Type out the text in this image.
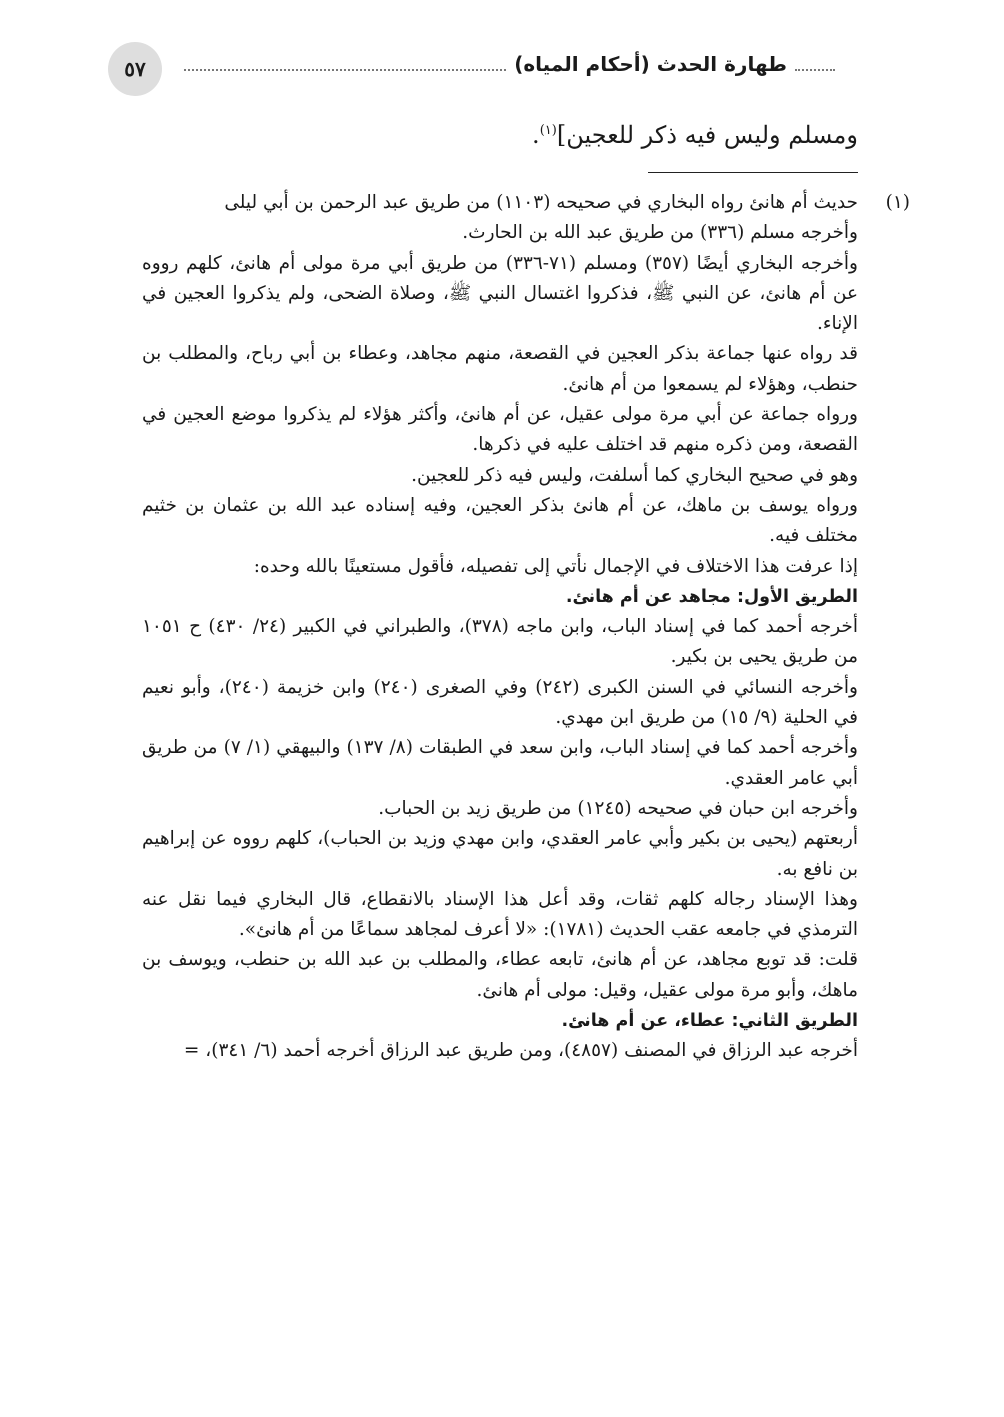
٥٧	طهارة الحدث (أحكام المياه)
ومسلم وليس فيه ذكر للعجين]$^{(١)}$.
(١)
حديث أم هانئ رواه البخاري في صحيحه (١١٠٣) من طريق عبد الرحمن بن أبي ليلى
وأخرجه مسلم (٣٣٦) من طريق عبد الله بن الحارث.
وأخرجه البخاري أيضًا (٣٥٧) ومسلم (٧١-٣٣٦) من طريق أبي مرة مولى أم هانئ، كلهم رووه عن أم هانئ، عن النبي ﷺ، فذكروا اغتسال النبي ﷺ، وصلاة الضحى، ولم يذكروا العجين في الإناء.
قد رواه عنها جماعة بذكر العجين في القصعة، منهم مجاهد، وعطاء بن أبي رباح، والمطلب بن حنطب، وهؤلاء لم يسمعوا من أم هانئ.
ورواه جماعة عن أبي مرة مولى عقيل، عن أم هانئ، وأكثر هؤلاء لم يذكروا موضع العجين في القصعة، ومن ذكره منهم قد اختلف عليه في ذكرها.
وهو في صحيح البخاري كما أسلفت، وليس فيه ذكر للعجين.
ورواه يوسف بن ماهك، عن أم هانئ بذكر العجين، وفيه إسناده عبد الله بن عثمان بن خثيم مختلف فيه.
إذا عرفت هذا الاختلاف في الإجمال نأتي إلى تفصيله، فأقول مستعينًا بالله وحده:
الطريق الأول: مجاهد عن أم هانئ.
أخرجه أحمد كما في إسناد الباب، وابن ماجه (٣٧٨)، والطبراني في الكبير (٢٤/ ٤٣٠) ح ١٠٥١ من طريق يحيى بن بكير.
وأخرجه النسائي في السنن الكبرى (٢٤٢) وفي الصغرى (٢٤٠) وابن خزيمة (٢٤٠)، وأبو نعيم في الحلية (٩/ ١٥) من طريق ابن مهدي.
وأخرجه أحمد كما في إسناد الباب، وابن سعد في الطبقات (٨/ ١٣٧) والبيهقي (١/ ٧) من طريق أبي عامر العقدي.
وأخرجه ابن حبان في صحيحه (١٢٤٥) من طريق زيد بن الحباب.
أربعتهم (يحيى بن بكير وأبي عامر العقدي، وابن مهدي وزيد بن الحباب)، كلهم رووه عن إبراهيم بن نافع به.
وهذا الإسناد رجاله كلهم ثقات، وقد أعل هذا الإسناد بالانقطاع، قال البخاري فيما نقل عنه الترمذي في جامعه عقب الحديث (١٧٨١): «لا أعرف لمجاهد سماعًا من أم هانئ».
قلت: قد توبع مجاهد، عن أم هانئ، تابعه عطاء، والمطلب بن عبد الله بن حنطب، ويوسف بن ماهك، وأبو مرة مولى عقيل، وقيل: مولى أم هانئ.
الطريق الثاني: عطاء، عن أم هانئ.
أخرجه عبد الرزاق في المصنف (٤٨٥٧)، ومن طريق عبد الرزاق أخرجه أحمد (٦/ ٣٤١)، =
